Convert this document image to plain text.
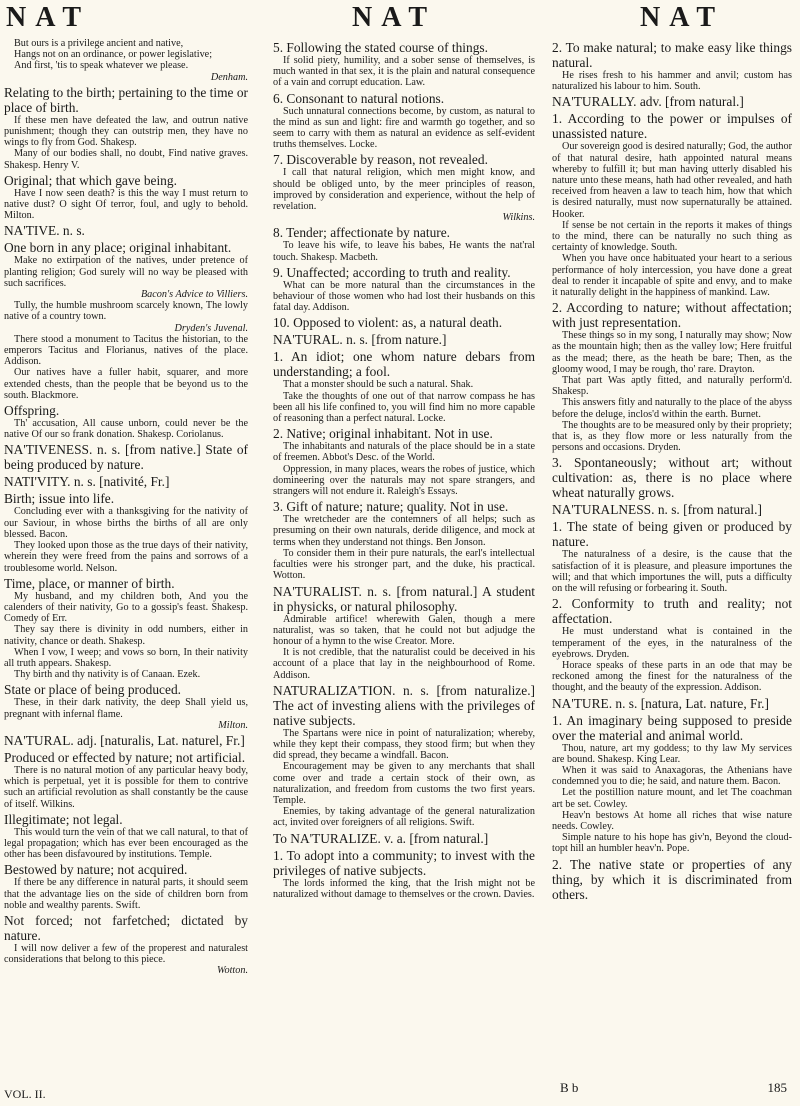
NAT	NAT	NAT

But ours is a privilege ancient and native,

Hangs not on an ordinance, or power legislative;

And first, 'tis to speak whatever we please.

Denham.

Relating to the birth; pertaining to the time or place of birth.

If these men have defeated the law, and outrun native punishment; though they can outstrip men, they have no wings to fly from God. Shakesp.

Many of our bodies shall, no doubt, Find native graves. Shakesp. Henry V.

Original; that which gave being.

Have I now seen death? is this the way I must return to native dust? O sight Of terror, foul, and ugly to behold. Milton.

NA'TIVE. n. s.

One born in any place; original inhabitant.

Make no extirpation of the natives, under pretence of planting religion; God surely will no way be pleased with such sacrifices.

Bacon's Advice to Villiers.

Tully, the humble mushroom scarcely known, The lowly native of a country town.

Dryden's Juvenal.

There stood a monument to Tacitus the historian, to the emperors Tacitus and Florianus, natives of the place. Addison.

Our natives have a fuller habit, squarer, and more extended chests, than the people that be beyond us to the south. Blackmore.

Offspring.

Th' accusation, All cause unborn, could never be the native Of our so frank donation. Shakesp. Coriolanus.

NA'TIVENESS. n. s. [from native.] State of being produced by nature.

NATI'VITY. n. s. [nativité, Fr.]

Birth; issue into life.

Concluding ever with a thanksgiving for the nativity of our Saviour, in whose births the births of all are only blessed. Bacon.

They looked upon those as the true days of their nativity, wherein they were freed from the pains and sorrows of a troublesome world. Nelson.

Time, place, or manner of birth.

My husband, and my children both, And you the calenders of their nativity, Go to a gossip's feast. Shakesp. Comedy of Err.

They say there is divinity in odd numbers, either in nativity, chance or death. Shakesp.

When I vow, I weep; and vows so born, In their nativity all truth appears. Shakesp.

Thy birth and thy nativity is of Canaan. Ezek.

State or place of being produced.

These, in their dark nativity, the deep Shall yield us, pregnant with infernal flame.

Milton.

NA'TURAL. adj. [naturalis, Lat. naturel, Fr.]

Produced or effected by nature; not artificial.

There is no natural motion of any particular heavy body, which is perpetual, yet it is possible for them to contrive such an artificial revolution as shall constantly be the cause of itself. Wilkins.

Illegitimate; not legal.

This would turn the vein of that we call natural, to that of legal propagation; which has ever been encouraged as the other has been disfavoured by institutions. Temple.

Bestowed by nature; not acquired.

If there be any difference in natural parts, it should seem that the advantage lies on the side of children born from noble and wealthy parents. Swift.

Not forced; not farfetched; dictated by nature.

I will now deliver a few of the properest and naturalest considerations that belong to this piece.

Wotton.

5. Following the stated course of things.

If solid piety, humility, and a sober sense of themselves, is much wanted in that sex, it is the plain and natural consequence of a vain and corrupt education. Law.

6. Consonant to natural notions.

Such unnatural connections become, by custom, as natural to the mind as sun and light: fire and warmth go together, and so seem to carry with them as natural an evidence as self-evident truths themselves. Locke.

7. Discoverable by reason, not revealed.

I call that natural religion, which men might know, and should be obliged unto, by the meer principles of reason, improved by consideration and experience, without the help of revelation.

Wilkins.

8. Tender; affectionate by nature.

To leave his wife, to leave his babes, He wants the nat'ral touch. Shakesp. Macbeth.

9. Unaffected; according to truth and reality.

What can be more natural than the circumstances in the behaviour of those women who had lost their husbands on this fatal day. Addison.

10. Opposed to violent: as, a natural death.

NA'TURAL. n. s. [from nature.]

1. An idiot; one whom nature debars from understanding; a fool.

That a monster should be such a natural. Shak.

Take the thoughts of one out of that narrow compass he has been all his life confined to, you will find him no more capable of reasoning than a perfect natural. Locke.

2. Native; original inhabitant. Not in use.

The inhabitants and naturals of the place should be in a state of freemen. Abbot's Desc. of the World.

Oppression, in many places, wears the robes of justice, which domineering over the naturals may not spare strangers, and strangers will not endure it. Raleigh's Essays.

3. Gift of nature; nature; quality. Not in use.

The wretcheder are the contemners of all helps; such as presuming on their own naturals, deride diligence, and mock at terms when they understand not things. Ben Jonson.

To consider them in their pure naturals, the earl's intellectual faculties were his stronger part, and the duke, his practical. Wotton.

NA'TURALIST. n. s. [from natural.] A student in physicks, or natural philosophy.

Admirable artifice! wherewith Galen, though a mere naturalist, was so taken, that he could not but adjudge the honour of a hymn to the wise Creator. More.

It is not credible, that the naturalist could be deceived in his account of a place that lay in the neighbourhood of Rome. Addison.

NATURALIZA'TION. n. s. [from naturalize.] The act of investing aliens with the privileges of native subjects.

The Spartans were nice in point of naturalization; whereby, while they kept their compass, they stood firm; but when they did spread, they became a windfall. Bacon.

Encouragement may be given to any merchants that shall come over and trade a certain stock of their own, as naturalization, and freedom from customs the two first years. Temple.

Enemies, by taking advantage of the general naturalization act, invited over foreigners of all religions. Swift.

To NA'TURALIZE. v. a. [from natural.]

1. To adopt into a community; to invest with the privileges of native subjects.

The lords informed the king, that the Irish might not be naturalized without damage to themselves or the crown. Davies.

2. To make natural; to make easy like things natural.

He rises fresh to his hammer and anvil; custom has naturalized his labour to him. South.

NA'TURALLY. adv. [from natural.]

1. According to the power or impulses of unassisted nature.

Our sovereign good is desired naturally; God, the author of that natural desire, hath appointed natural means whereby to fulfill it; but man having utterly disabled his nature unto these means, hath had other revealed, and hath received from heaven a law to teach him, how that which is desired naturally, must now supernaturally be attained. Hooker.

If sense be not certain in the reports it makes of things to the mind, there can be naturally no such thing as certainty of knowledge. South.

When you have once habituated your heart to a serious performance of holy intercession, you have done a great deal to render it incapable of spite and envy, and to make it naturally delight in the happiness of mankind. Law.

2. According to nature; without affectation; with just representation.

These things so in my song, I naturally may show; Now as the mountain high; then as the valley low; Here fruitful as the mead; there, as the heath be bare; Then, as the gloomy wood, I may be rough, tho' rare. Drayton.

That part Was aptly fitted, and naturally perform'd. Shakesp.

This answers fitly and naturally to the place of the abyss before the deluge, inclos'd within the earth. Burnet.

The thoughts are to be measured only by their propriety; that is, as they flow more or less naturally from the persons and occasions. Dryden.

3. Spontaneously; without art; without cultivation: as, there is no place where wheat naturally grows.

NA'TURALNESS. n. s. [from natural.]

1. The state of being given or produced by nature.

The naturalness of a desire, is the cause that the satisfaction of it is pleasure, and pleasure importunes the will; and that which importunes the will, puts a difficulty on the will refusing or forbearing it. South.

2. Conformity to truth and reality; not affectation.

He must understand what is contained in the temperament of the eyes, in the naturalness of the eyebrows. Dryden.

Horace speaks of these parts in an ode that may be reckoned among the finest for the naturalness of the thought, and the beauty of the expression. Addison.

NA'TURE. n. s. [natura, Lat. nature, Fr.]

1. An imaginary being supposed to preside over the material and animal world.

Thou, nature, art my goddess; to thy law My services are bound. Shakesp. King Lear.

When it was said to Anaxagoras, the Athenians have condemned you to die; he said, and nature them. Bacon.

Let the postillion nature mount, and let The coachman art be set. Cowley.

Heav'n bestows At home all riches that wise nature needs. Cowley.

Simple nature to his hope has giv'n, Beyond the cloud-topt hill an humbler heav'n. Pope.

2. The native state or properties of any thing, by which it is discriminated from others.

VOL. II.	B b	185
